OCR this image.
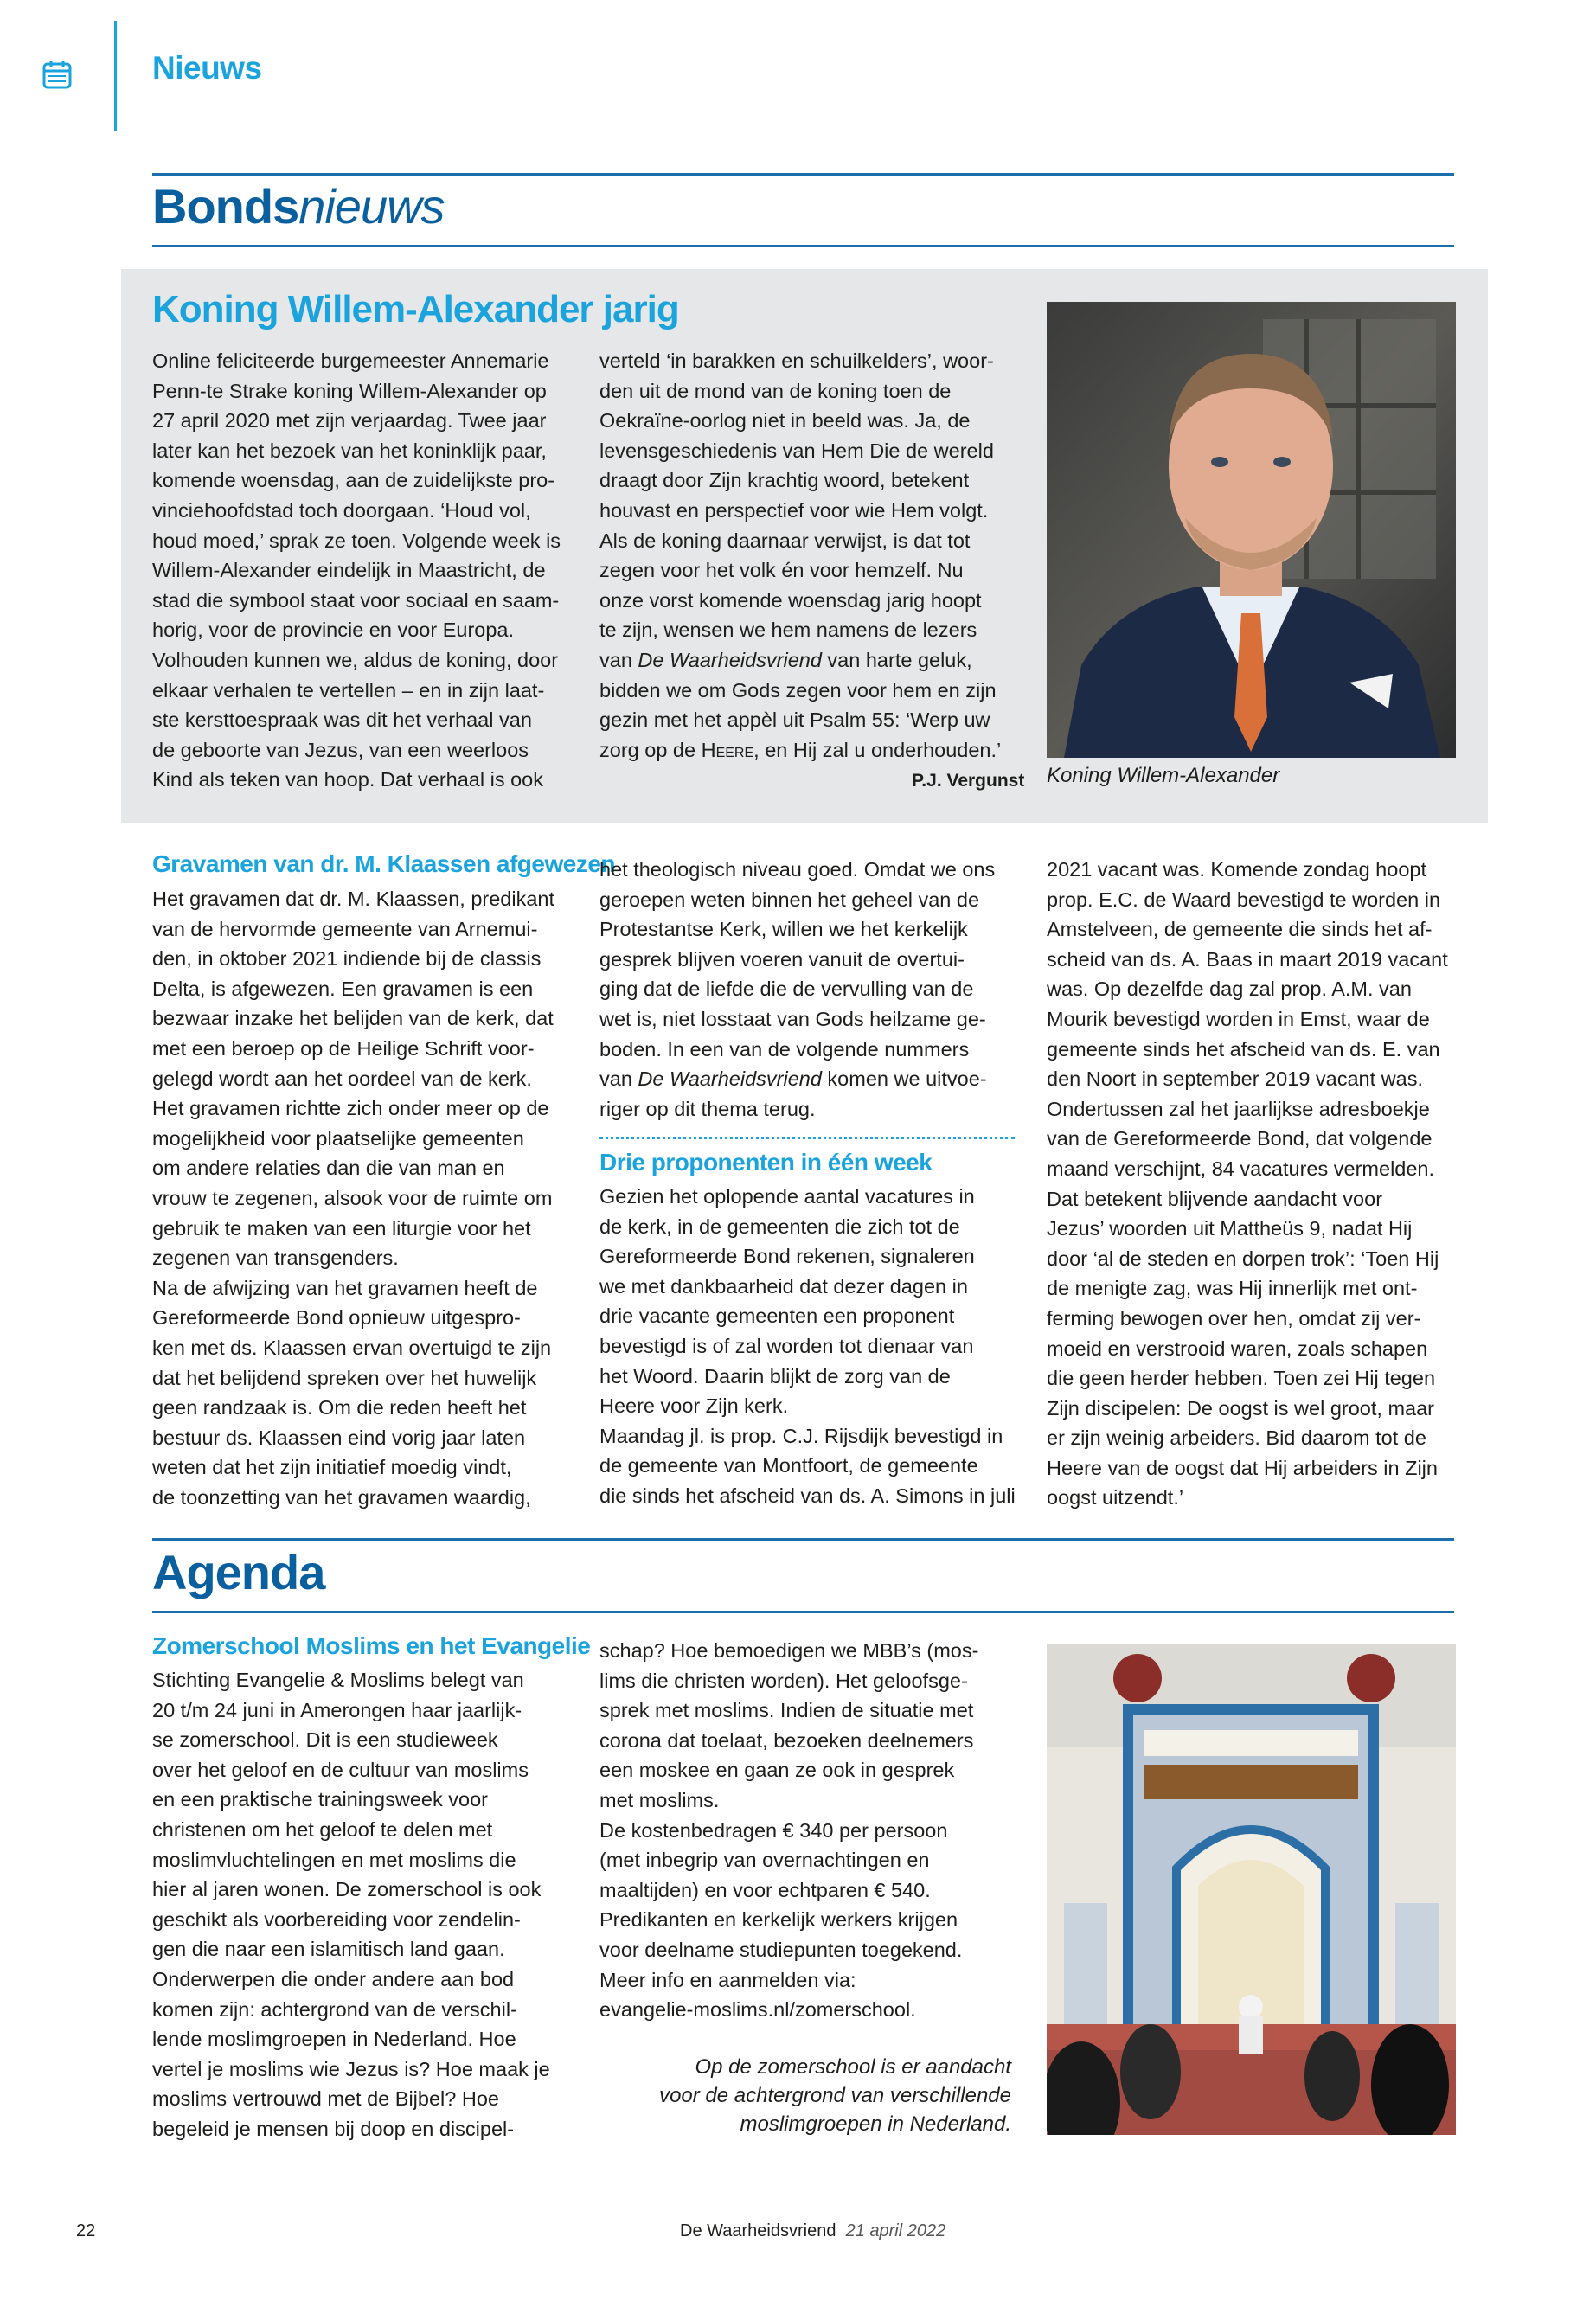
Nieuws
Bondsnieuws
Koning Willem-Alexander jarig
Online feliciteerde burgemeester Annemarie
Penn-te Strake koning Willem-Alexander op
27 april 2020 met zijn verjaardag. Twee jaar
later kan het bezoek van het koninklijk paar,
komende woensdag, aan de zuidelijkste pro-
vinciehoofdstad toch doorgaan. ‘Houd vol,
houd moed,’ sprak ze toen. Volgende week is
Willem-Alexander eindelijk in Maastricht, de
stad die symbool staat voor sociaal en saam-
horig, voor de provincie en voor Europa.
Volhouden kunnen we, aldus de koning, door
elkaar verhalen te vertellen – en in zijn laat-
ste kersttoespraak was dit het verhaal van
de geboorte van Jezus, van een weerloos
Kind als teken van hoop. Dat verhaal is ook
verteld ‘in barakken en schuilkelders’, woor-
den uit de mond van de koning toen de
Oekraïne-oorlog niet in beeld was. Ja, de
levensgeschiedenis van Hem Die de wereld
draagt door Zijn krachtig woord, betekent
houvast en perspectief voor wie Hem volgt.
Als de koning daarnaar verwijst, is dat tot
zegen voor het volk én voor hemzelf. Nu
onze vorst komende woensdag jarig hoopt
te zijn, wensen we hem namens de lezers
van De Waarheidsvriend van harte geluk,
bidden we om Gods zegen voor hem en zijn
gezin met het appèl uit Psalm 55: ‘Werp uw
zorg op de Heere, en Hij zal u onderhouden.’
P.J. Vergunst Koning Willem-Alexander
Gravamen van dr. M. Klaassen afgewezen
Het gravamen dat dr. M. Klaassen, predikant
van de hervormde gemeente van Arnemui-
den, in oktober 2021 indiende bij de classis
Delta, is afgewezen. Een gravamen is een
bezwaar inzake het belijden van de kerk, dat
met een beroep op de Heilige Schrift voor-
gelegd wordt aan het oordeel van de kerk.
Het gravamen richtte zich onder meer op de
mogelijkheid voor plaatselijke gemeenten
om andere relaties dan die van man en
vrouw te zegenen, alsook voor de ruimte om
gebruik te maken van een liturgie voor het
zegenen van transgenders.
Na de afwijzing van het gravamen heeft de
Gereformeerde Bond opnieuw uitgespro-
ken met ds. Klaassen ervan overtuigd te zijn
dat het belijdend spreken over het huwelijk
geen randzaak is. Om die reden heeft het
bestuur ds. Klaassen eind vorig jaar laten
weten dat het zijn initiatief moedig vindt,
de toonzetting van het gravamen waardig,
het theologisch niveau goed. Omdat we ons
geroepen weten binnen het geheel van de
Protestantse Kerk, willen we het kerkelijk
gesprek blijven voeren vanuit de overtui-
ging dat de liefde die de vervulling van de
wet is, niet losstaat van Gods heilzame ge-
boden. In een van de volgende nummers
van De Waarheidsvriend komen we uitvoe-
riger op dit thema terug.
Drie proponenten in één week
Gezien het oplopende aantal vacatures in
de kerk, in de gemeenten die zich tot de
Gereformeerde Bond rekenen, signaleren
we met dankbaarheid dat dezer dagen in
drie vacante gemeenten een proponent
bevestigd is of zal worden tot dienaar van
het Woord. Daarin blijkt de zorg van de
Heere voor Zijn kerk.
Maandag jl. is prop. C.J. Rijsdijk bevestigd in
de gemeente van Montfoort, de gemeente
die sinds het afscheid van ds. A. Simons in juli
2021 vacant was. Komende zondag hoopt
prop. E.C. de Waard bevestigd te worden in
Amstelveen, de gemeente die sinds het af-
scheid van ds. A. Baas in maart 2019 vacant
was. Op dezelfde dag zal prop. A.M. van
Mourik bevestigd worden in Emst, waar de
gemeente sinds het afscheid van ds. E. van
den Noort in september 2019 vacant was.
Ondertussen zal het jaarlijkse adresboekje
van de Gereformeerde Bond, dat volgende
maand verschijnt, 84 vacatures vermelden.
Dat betekent blijvende aandacht voor
Jezus’ woorden uit Mattheüs 9, nadat Hij
door ‘al de steden en dorpen trok’: ‘Toen Hij
de menigte zag, was Hij innerlijk met ont-
ferming bewogen over hen, omdat zij ver-
moeid en verstrooid waren, zoals schapen
die geen herder hebben. Toen zei Hij tegen
Zijn discipelen: De oogst is wel groot, maar
er zijn weinig arbeiders. Bid daarom tot de
Heere van de oogst dat Hij arbeiders in Zijn
oogst uitzendt.’
Agenda
Zomerschool Moslims en het Evangelie
Stichting Evangelie & Moslims belegt van
20 t/m 24 juni in Amerongen haar jaarlijk-
se zomerschool. Dit is een studieweek
over het geloof en de cultuur van moslims
en een praktische trainingsweek voor
christenen om het geloof te delen met
moslimvluchtelingen en met moslims die
hier al jaren wonen. De zomerschool is ook
geschikt als voorbereiding voor zendelin-
gen die naar een islamitisch land gaan.
Onderwerpen die onder andere aan bod
komen zijn: achtergrond van de verschil-
lende moslimgroepen in Nederland. Hoe
vertel je moslims wie Jezus is? Hoe maak je
moslims vertrouwd met de Bijbel? Hoe
begeleid je mensen bij doop en discipel-
schap? Hoe bemoedigen we MBB’s (mos-
lims die christen worden). Het geloofsge-
sprek met moslims. Indien de situatie met
corona dat toelaat, bezoeken deelnemers
een moskee en gaan ze ook in gesprek
met moslims.
De kostenbedragen € 340 per persoon
(met inbegrip van overnachtingen en
maaltijden) en voor echtparen € 540.
Predikanten en kerkelijk werkers krijgen
voor deelname studiepunten toegekend.
Meer info en aanmelden via:
evangelie-moslims.nl/zomerschool.
Op de zomerschool is er aandacht
voor de achtergrond van verschillende
moslimgroepen in Nederland.
22	De Waarheidsvriend 21 april 2022
